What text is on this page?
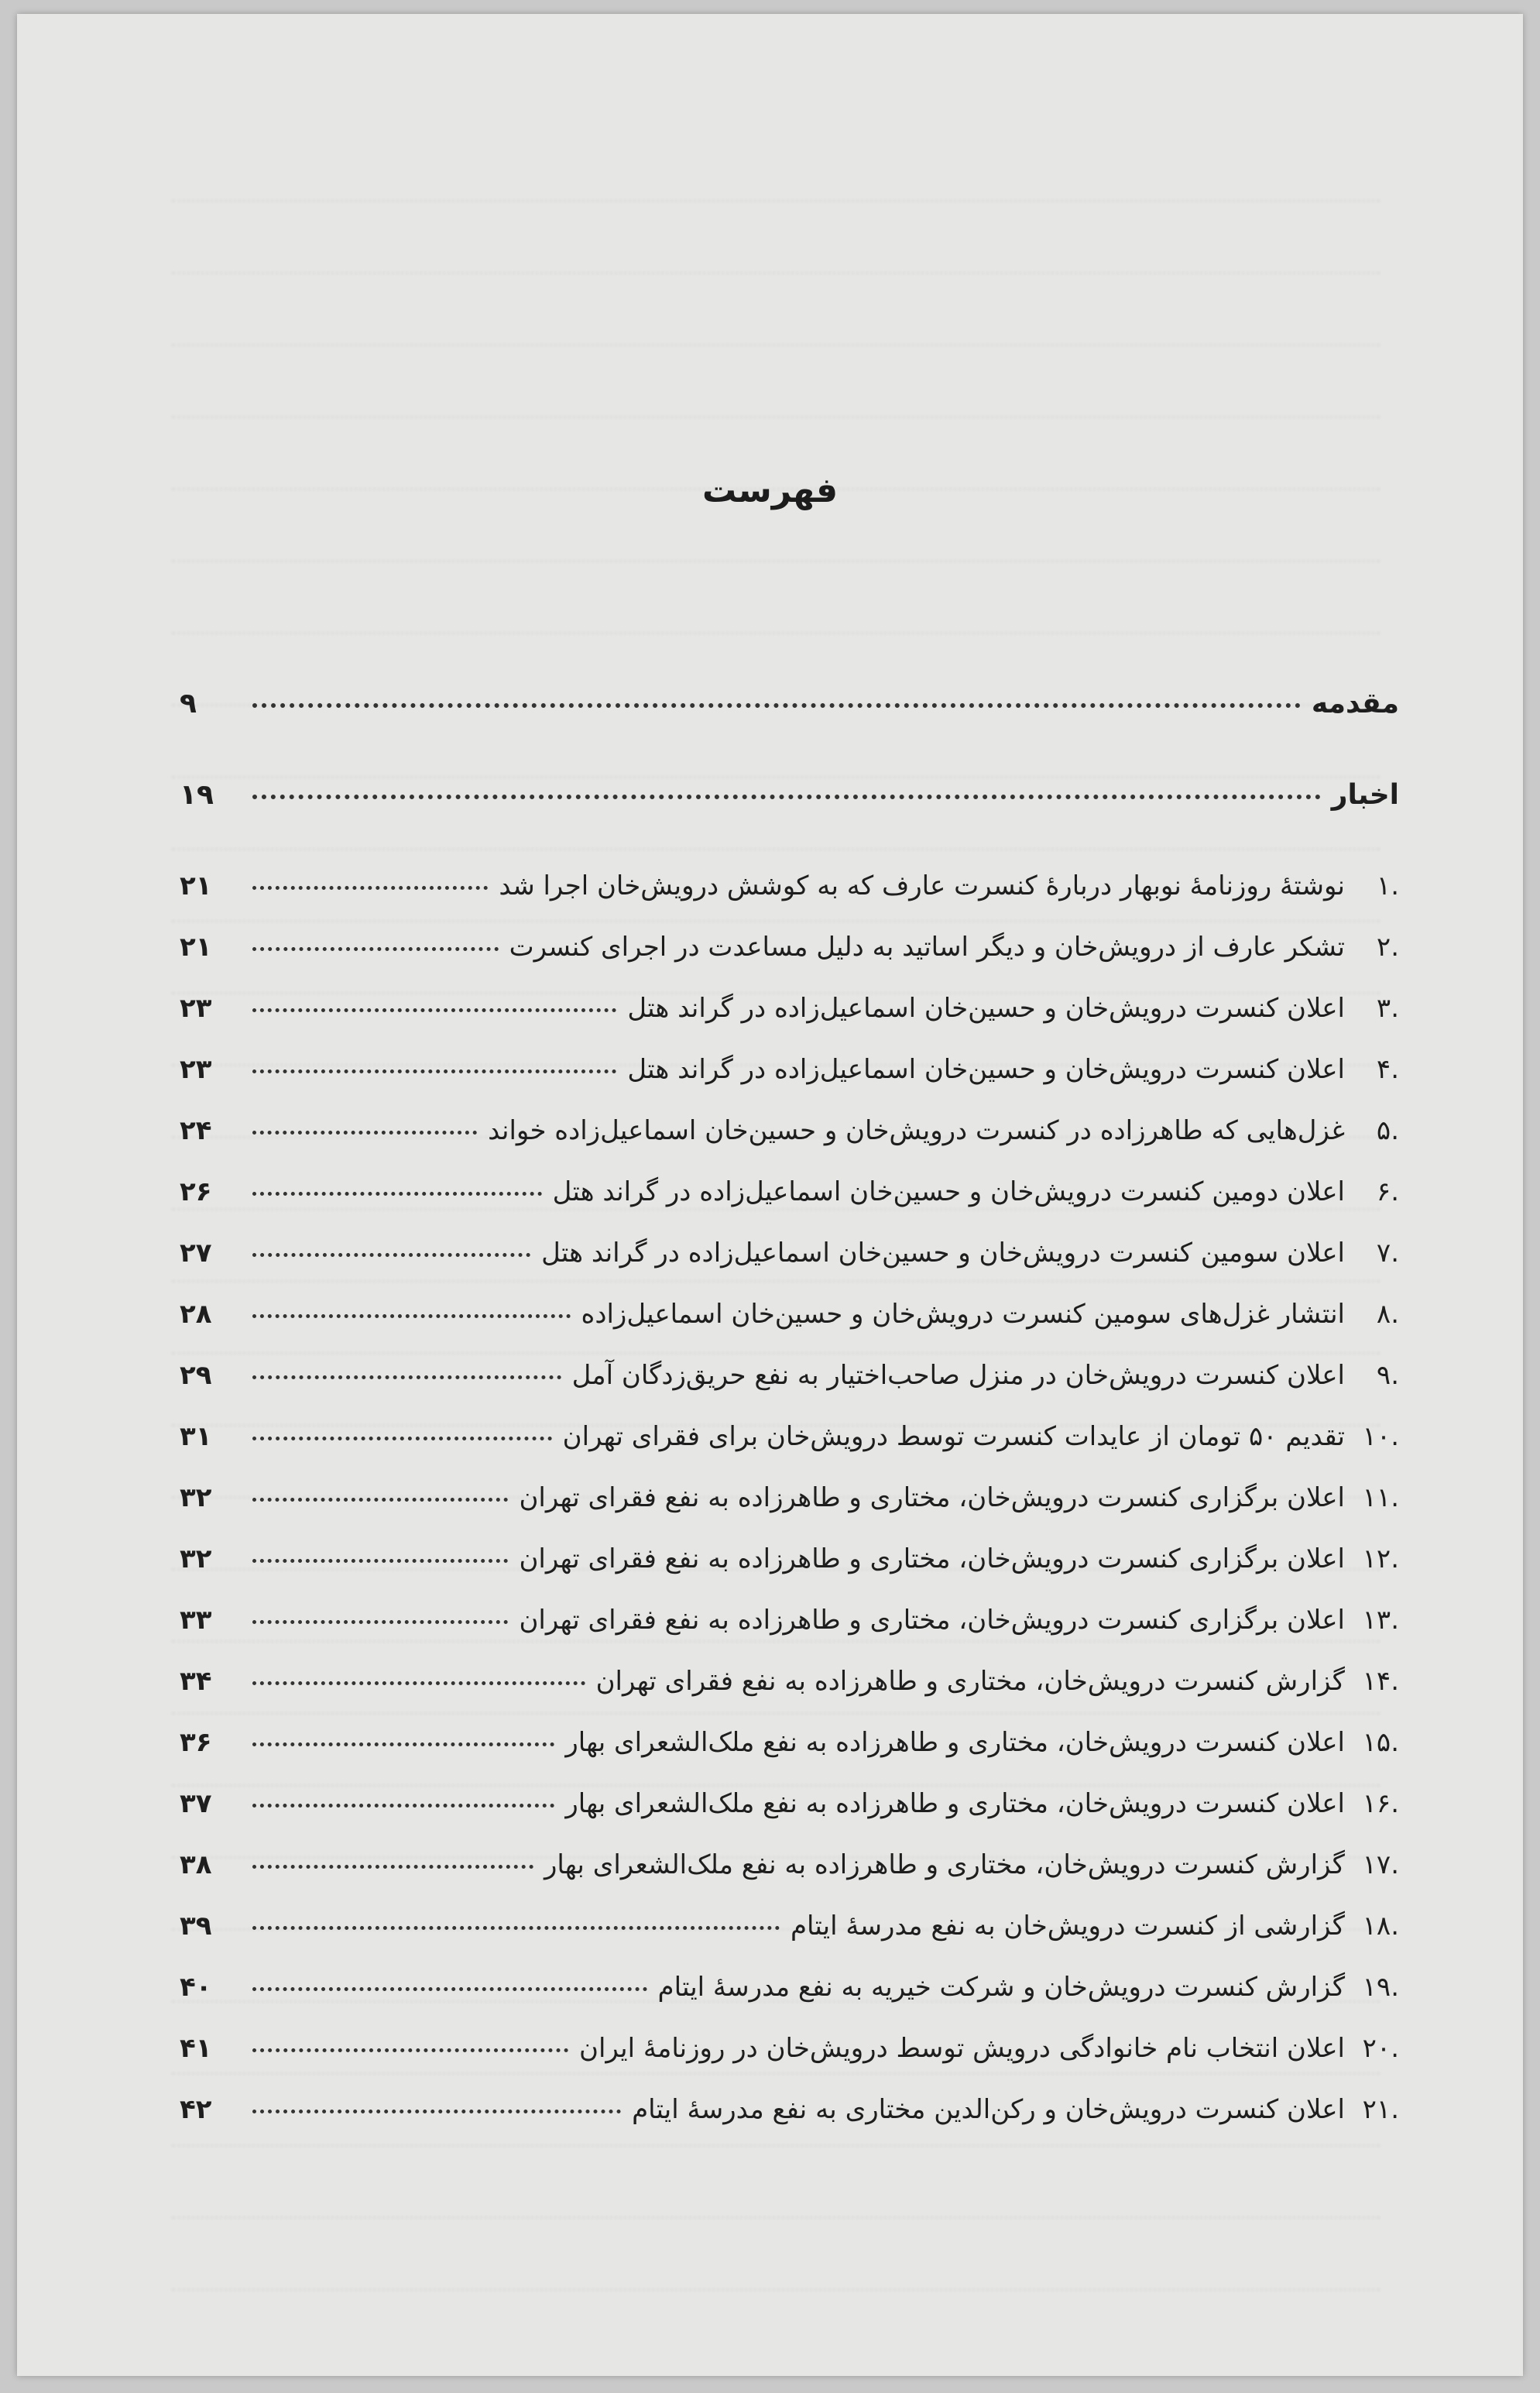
فهرست
مقدمه
۹
اخبار
۱۹
.۱
نوشتهٔ روزنامهٔ نوبهار دربارهٔ کنسرت عارف که به کوشش درویش‌خان اجرا شد
۲۱
.۲
تشکر عارف از درویش‌خان و دیگر اساتید به دلیل مساعدت در اجرای کنسرت
۲۱
.۳
اعلان کنسرت درویش‌خان و حسین‌خان اسماعیل‌زاده در گراند هتل
۲۳
.۴
اعلان کنسرت درویش‌خان و حسین‌خان اسماعیل‌زاده در گراند هتل
۲۳
.۵
غزل‌هایی که طاهرزاده در کنسرت درویش‌خان و حسین‌خان اسماعیل‌زاده خواند
۲۴
.۶
اعلان دومین کنسرت درویش‌خان و حسین‌خان اسماعیل‌زاده در گراند هتل
۲۶
.۷
اعلان سومین کنسرت درویش‌خان و حسین‌خان اسماعیل‌زاده در گراند هتل
۲۷
.۸
انتشار غزل‌های سومین کنسرت درویش‌خان و حسین‌خان اسماعیل‌زاده
۲۸
.۹
اعلان کنسرت درویش‌خان در منزل صاحب‌اختیار به نفع حریق‌زدگان آمل
۲۹
.۱۰
تقدیم ۵۰ تومان از عایدات کنسرت توسط درویش‌خان برای فقرای تهران
۳۱
.۱۱
اعلان برگزاری کنسرت درویش‌خان، مختاری و طاهرزاده به نفع فقرای تهران
۳۲
.۱۲
اعلان برگزاری کنسرت درویش‌خان، مختاری و طاهرزاده به نفع فقرای تهران
۳۲
.۱۳
اعلان برگزاری کنسرت درویش‌خان، مختاری و طاهرزاده به نفع فقرای تهران
۳۳
.۱۴
گزارش کنسرت درویش‌خان، مختاری و طاهرزاده به نفع فقرای تهران
۳۴
.۱۵
اعلان کنسرت درویش‌خان، مختاری و طاهرزاده به نفع ملک‌الشعرای بهار
۳۶
.۱۶
اعلان کنسرت درویش‌خان، مختاری و طاهرزاده به نفع ملک‌الشعرای بهار
۳۷
.۱۷
گزارش کنسرت درویش‌خان، مختاری و طاهرزاده به نفع ملک‌الشعرای بهار
۳۸
.۱۸
گزارشی از کنسرت درویش‌خان به نفع مدرسهٔ ایتام
۳۹
.۱۹
گزارش کنسرت درویش‌خان و شرکت خیریه به نفع مدرسهٔ ایتام
۴۰
.۲۰
اعلان انتخاب نام خانوادگی درویش توسط درویش‌خان در روزنامهٔ ایران
۴۱
.۲۱
اعلان کنسرت درویش‌خان و رکن‌الدین مختاری به نفع مدرسهٔ ایتام
۴۲
